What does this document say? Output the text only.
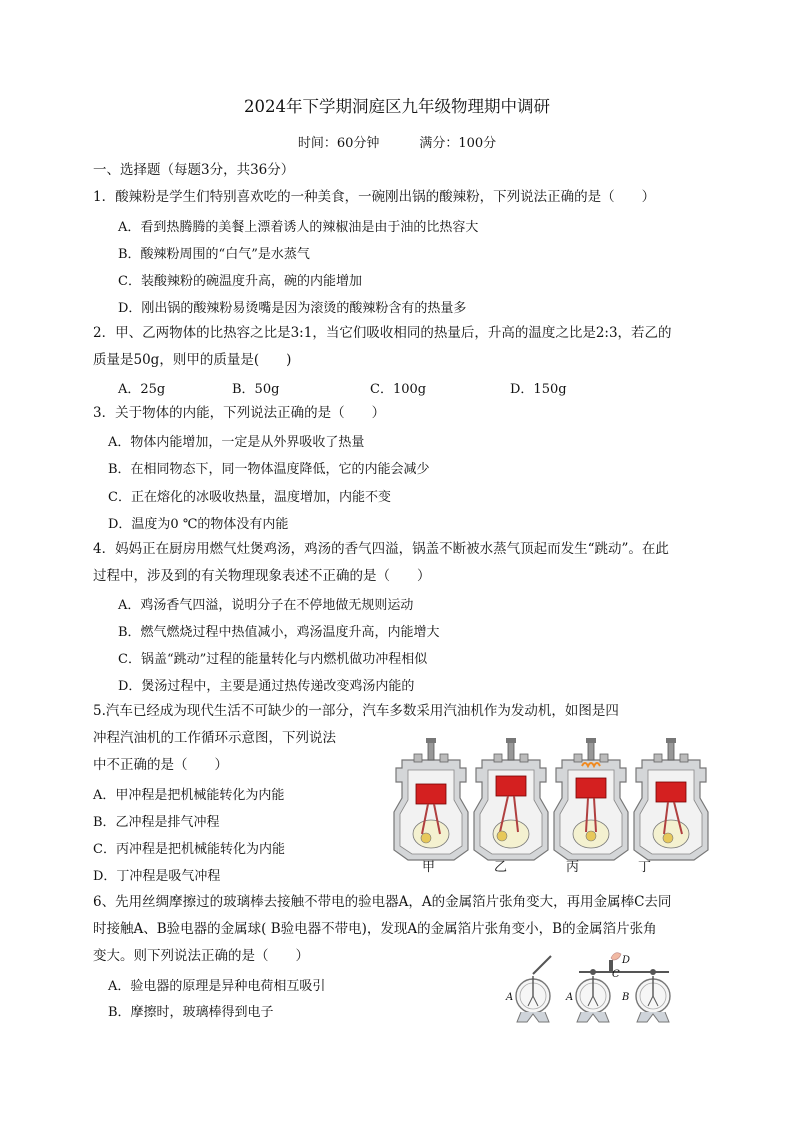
2024年下学期洞庭区九年级物理期中调研
时间：60分钟	满分：100分
一、选择题（每题3分，共36分）
1．酸辣粉是学生们特别喜欢吃的一种美食，一碗刚出锅的酸辣粉，下列说法正确的是（　　）
A．看到热腾腾的美餐上漂着诱人的辣椒油是由于油的比热容大
B．酸辣粉周围的“白气”是水蒸气
C．装酸辣粉的碗温度升高，碗的内能增加
D．刚出锅的酸辣粉易烫嘴是因为滚烫的酸辣粉含有的热量多
2．甲、乙两物体的比热容之比是3:1，当它们吸收相同的热量后，升高的温度之比是2:3，若乙的
质量是50g，则甲的质量是(　　)
A．25g	B．50g	C．100g	D．150g
3．关于物体的内能，下列说法正确的是（　　）
A．物体内能增加，一定是从外界吸收了热量
B．在相同物态下，同一物体温度降低，它的内能会减少
C．正在熔化的冰吸收热量，温度增加，内能不变
D．温度为0 ℃的物体没有内能
4．妈妈正在厨房用燃气灶煲鸡汤，鸡汤的香气四溢，锅盖不断被水蒸气顶起而发生“跳动”。在此
过程中，涉及到的有关物理现象表述不正确的是（　　）
A．鸡汤香气四溢，说明分子在不停地做无规则运动
B．燃气燃烧过程中热值减小，鸡汤温度升高，内能增大
C．锅盖“跳动”过程的能量转化与内燃机做功冲程相似
D．煲汤过程中，主要是通过热传递改变鸡汤内能的
5.汽车已经成为现代生活不可缺少的一部分，汽车多数采用汽油机作为发动机，如图是四
冲程汽油机的工作循环示意图，下列说法
中不正确的是（　　）
A．甲冲程是把机械能转化为内能
B．乙冲程是排气冲程
C．丙冲程是把机械能转化为内能
D．丁冲程是吸气冲程
甲	乙	丙	丁
6、先用丝绸摩擦过的玻璃棒去接触不带电的验电器A，A的金属箔片张角变大，再用金属棒C去同
时接触A、B验电器的金属球( B验电器不带电)，发现A的金属箔片张角变小，B的金属箔片张角
变大。则下列说法正确的是（　　）
A．验电器的原理是异种电荷相互吸引
B．摩擦时，玻璃棒得到电子
A	A	B
C
D
